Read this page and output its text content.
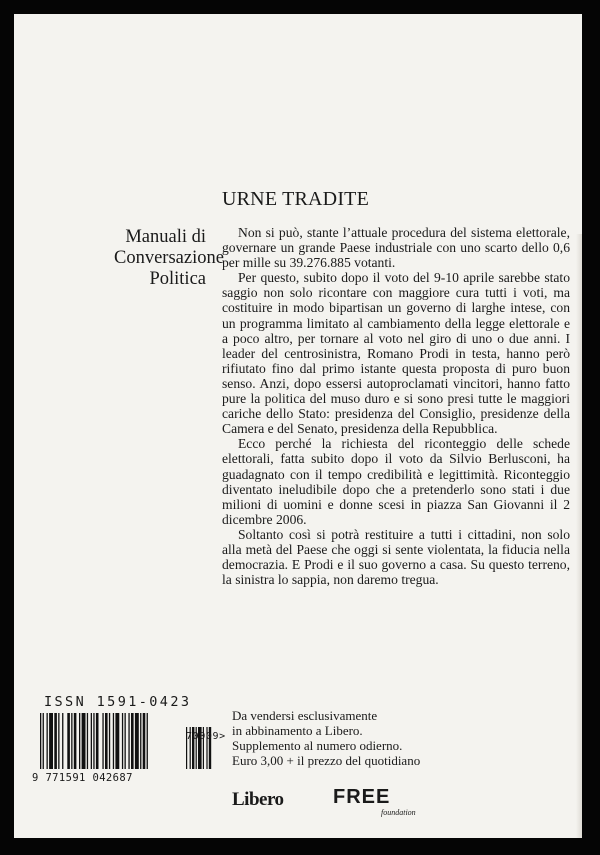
URNE TRADITE
Manuali di
Conversazione
Politica

Non si può, stante l’attuale procedura del sistema elettorale, governare un grande Paese industriale con uno scarto dello 0,6 per mille su 39.276.885 votanti.

Per questo, subito dopo il voto del 9-10 aprile sarebbe stato saggio non solo ricontare con maggiore cura tutti i voti, ma costituire in modo bipartisan un governo di larghe intese, con un programma limitato al cambiamento della legge elettorale e a poco altro, per tornare al voto nel giro di uno o due anni. I leader del centrosinistra, Romano Prodi in testa, hanno però rifiutato fino dal primo istante questa proposta di puro buon senso. Anzi, dopo essersi autoproclamati vincitori, hanno fatto pure la politica del muso duro e si sono presi tutte le maggiori cariche dello Stato: presidenza del Consiglio, presidenze della Camera e del Senato, presidenza della Repubblica.

Ecco perché la richiesta del riconteggio delle schede elettorali, fatta subito dopo il voto da Silvio Berlusconi, ha guadagnato con il tempo credibilità e legittimità. Riconteggio diventato ineludibile dopo che a pretenderlo sono stati i due milioni di uomini e donne scesi in piazza San Giovanni il 2 dicembre 2006.

Soltanto così si potrà restituire a tutti i cittadini, non solo alla metà del Paese che oggi si sente violentata, la fiducia nella democrazia. E Prodi e il suo governo a casa. Su questo terreno, la sinistra lo sappia, non daremo tregua.

ISSN 1591-0423
9 771591 042687
70009>
Da vendersi esclusivamente
in abbinamento a Libero.
Supplemento al numero odierno.
Euro 3,00 + il prezzo del quotidiano
Libero FREE
foundation
